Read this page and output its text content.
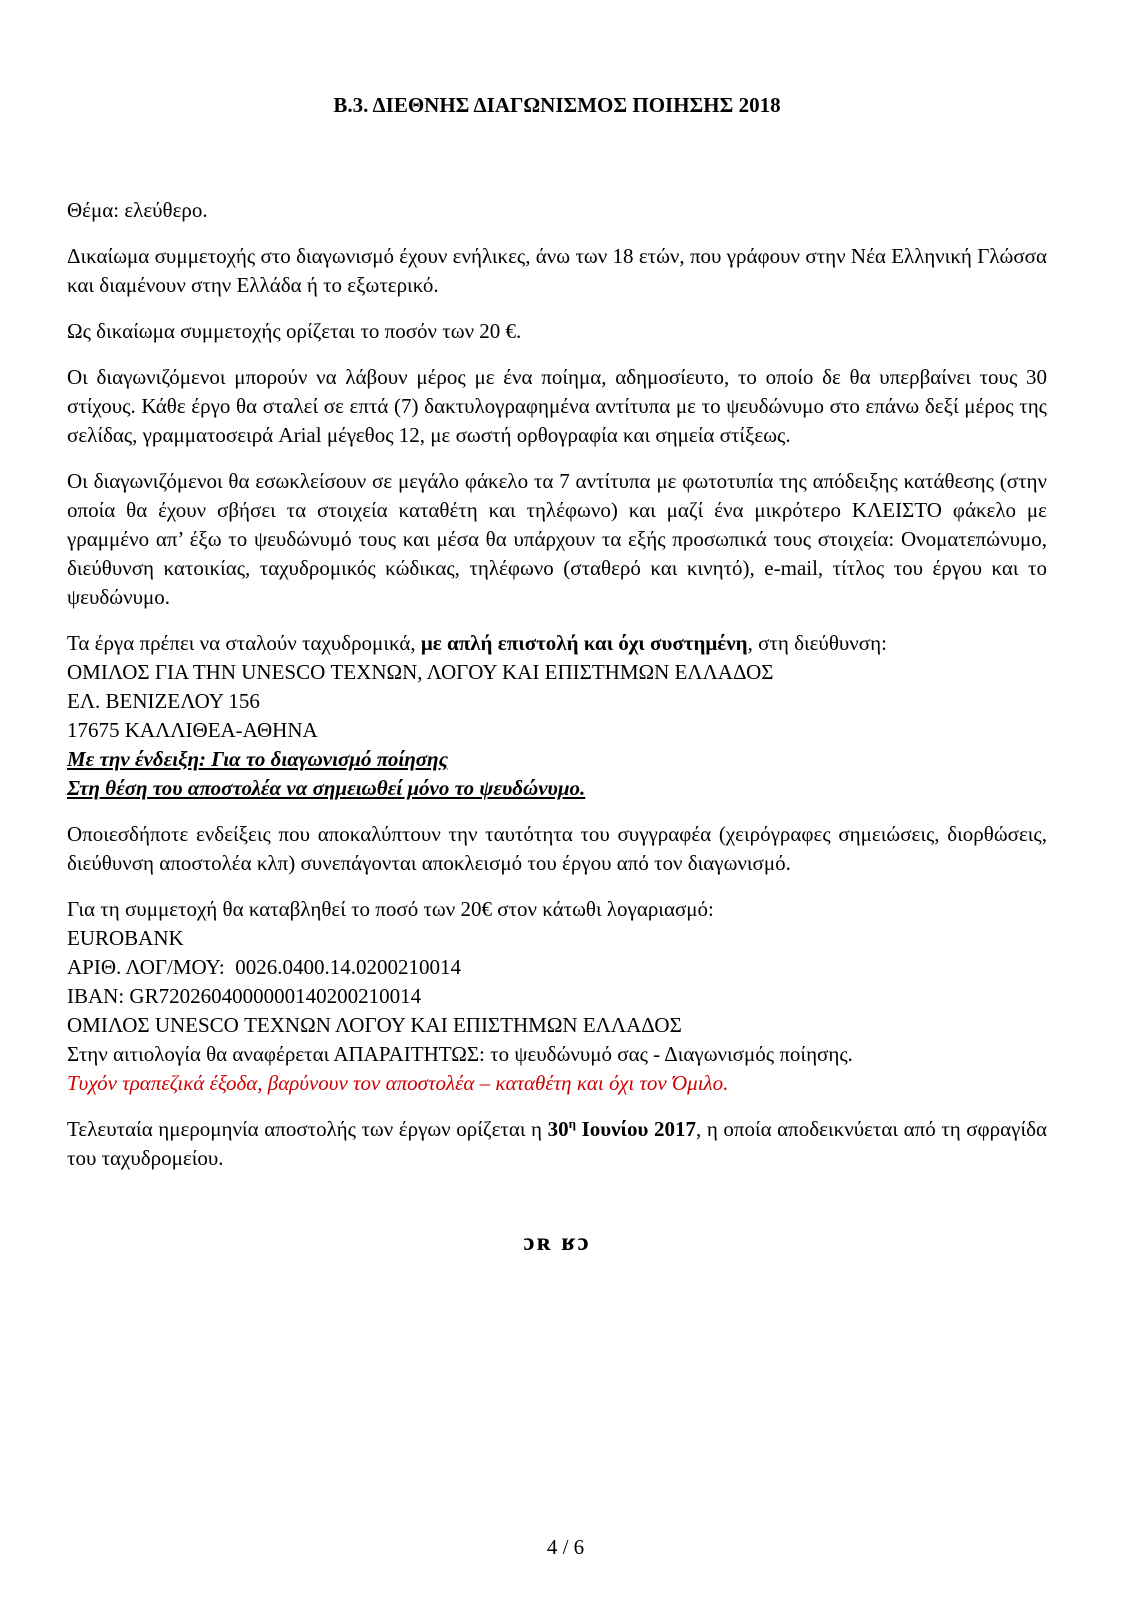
Β.3. ΔΙΕΘΝΗΣ ΔΙΑΓΩΝΙΣΜΟΣ ΠΟΙΗΣΗΣ 2018

Θέμα: ελεύθερο.

Δικαίωμα συμμετοχής στο διαγωνισμό έχουν ενήλικες, άνω των 18 ετών, που γράφουν στην Νέα Ελληνική Γλώσσα και διαμένουν στην Ελλάδα ή το εξωτερικό.

Ως δικαίωμα συμμετοχής ορίζεται το ποσόν των 20 €.

Οι διαγωνιζόμενοι μπορούν να λάβουν μέρος με ένα ποίημα, αδημοσίευτο, το οποίο δε θα υπερβαίνει τους 30 στίχους. Κάθε έργο θα σταλεί σε επτά (7) δακτυλογραφημένα αντίτυπα με το ψευδώνυμο στο επάνω δεξί μέρος της σελίδας, γραμματοσειρά Arial μέγεθος 12, με σωστή ορθογραφία και σημεία στίξεως.

Οι διαγωνιζόμενοι θα εσωκλείσουν σε μεγάλο φάκελο τα 7 αντίτυπα με φωτοτυπία της απόδειξης κατάθεσης (στην οποία θα έχουν σβήσει τα στοιχεία καταθέτη και τηλέφωνο) και μαζί ένα μικρότερο ΚΛΕΙΣΤΟ φάκελο με γραμμένο απ’ έξω το ψευδώνυμό τους και μέσα θα υπάρχουν τα εξής προσωπικά τους στοιχεία: Ονοματεπώνυμο, διεύθυνση κατοικίας, ταχυδρομικός κώδικας, τηλέφωνο (σταθερό και κινητό), e-mail, τίτλος του έργου και το ψευδώνυμο.

Τα έργα πρέπει να σταλούν ταχυδρομικά, με απλή επιστολή και όχι συστημένη, στη διεύθυνση:

ΟΜΙΛΟΣ ΓΙΑ ΤΗΝ UNESCO ΤΕΧΝΩΝ, ΛΟΓΟΥ ΚΑΙ ΕΠΙΣΤΗΜΩΝ ΕΛΛΑΔΟΣ

ΕΛ. ΒΕΝΙΖΕΛΟΥ 156

17675 ΚΑΛΛΙΘΕΑ-ΑΘΗΝΑ

Με την ένδειξη: Για το διαγωνισμό ποίησης

Στη θέση του αποστολέα να σημειωθεί μόνο το ψευδώνυμο.

Οποιεσδήποτε ενδείξεις που αποκαλύπτουν την ταυτότητα του συγγραφέα (χειρόγραφες σημειώσεις, διορθώσεις, διεύθυνση αποστολέα κλπ) συνεπάγονται αποκλεισμό του έργου από τον διαγωνισμό.

Για τη συμμετοχή θα καταβληθεί το ποσό των 20€ στον κάτωθι λογαριασμό:

EUROBANK

ΑΡΙΘ. ΛΟΓ/ΜΟΥ:  0026.0400.14.0200210014

IBAN: GR7202604000000140200210014

ΟΜΙΛΟΣ UNESCO ΤΕΧΝΩΝ ΛΟΓΟΥ ΚΑΙ ΕΠΙΣΤΗΜΩΝ ΕΛΛΑΔΟΣ

Στην αιτιολογία θα αναφέρεται ΑΠΑΡΑΙΤΗΤΩΣ: το ψευδώνυμό σας - Διαγωνισμός ποίησης.

Τυχόν τραπεζικά έξοδα, βαρύνουν τον αποστολέα – καταθέτη και όχι τον Όμιλο.

Τελευταία ημερομηνία αποστολής των έργων ορίζεται η $30^\eta$ Ιουνίου 2017, η οποία αποδεικνύεται από τη σφραγίδα του ταχυδρομείου.

ɔʀ ʁɔ
4 / 6
